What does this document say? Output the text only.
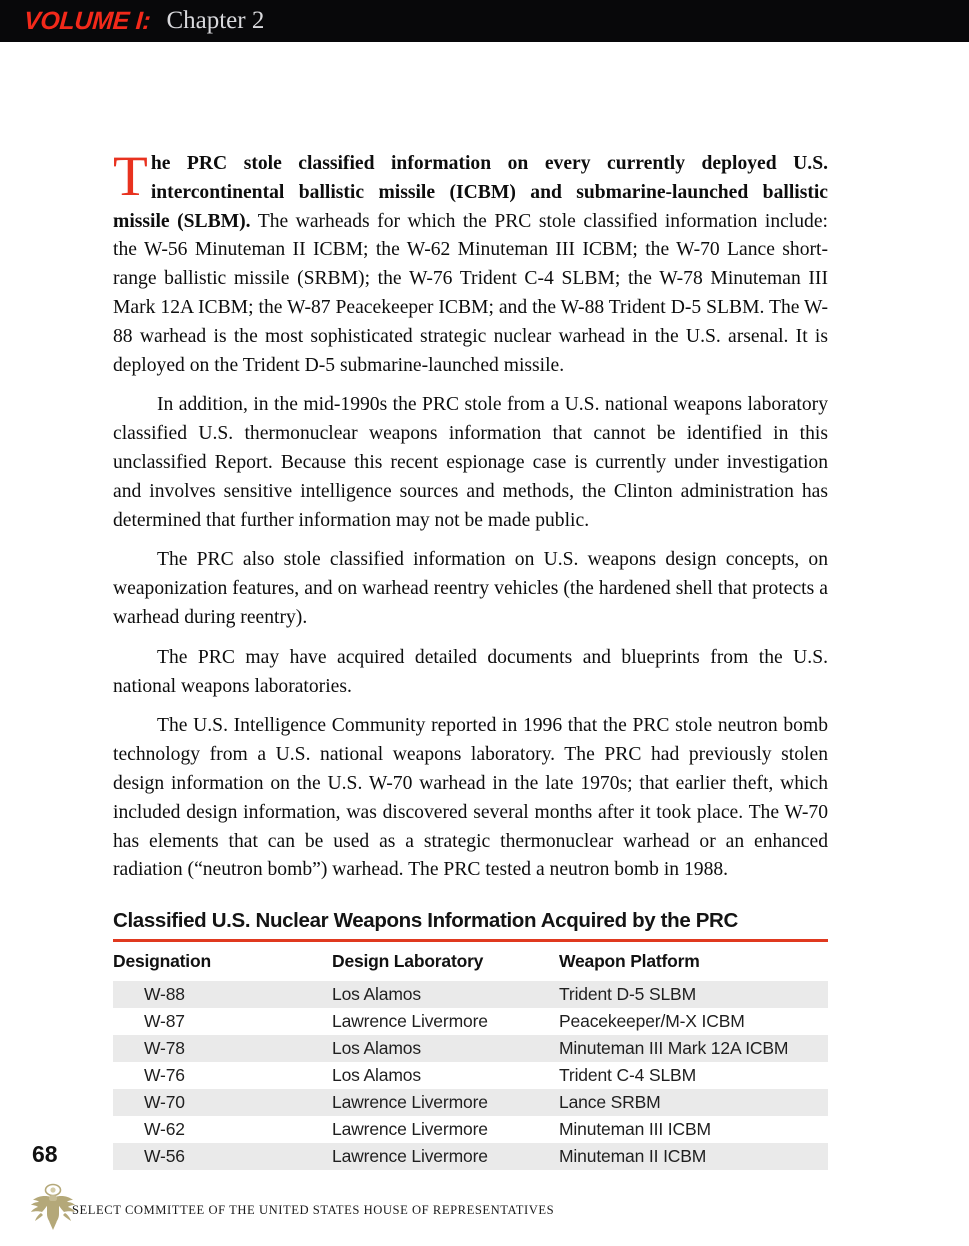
VOLUME I: Chapter 2

The PRC stole classified information on every currently deployed U.S. intercontinental ballistic missile (ICBM) and submarine-launched ballistic missile (SLBM). The warheads for which the PRC stole classified information include: the W-56 Minuteman II ICBM; the W-62 Minuteman III ICBM; the W-70 Lance short-range ballistic missile (SRBM); the W-76 Trident C-4 SLBM; the W-78 Minuteman III Mark 12A ICBM; the W-87 Peacekeeper ICBM; and the W-88 Trident D-5 SLBM. The W-88 warhead is the most sophisticated strategic nuclear warhead in the U.S. arsenal. It is deployed on the Trident D-5 submarine-launched missile.

In addition, in the mid-1990s the PRC stole from a U.S. national weapons laboratory classified U.S. thermonuclear weapons information that cannot be identified in this unclassified Report. Because this recent espionage case is currently under investigation and involves sensitive intelligence sources and methods, the Clinton administration has determined that further information may not be made public.

The PRC also stole classified information on U.S. weapons design concepts, on weaponization features, and on warhead reentry vehicles (the hardened shell that protects a warhead during reentry).

The PRC may have acquired detailed documents and blueprints from the U.S. national weapons laboratories.

The U.S. Intelligence Community reported in 1996 that the PRC stole neutron bomb technology from a U.S. national weapons laboratory. The PRC had previously stolen design information on the U.S. W-70 warhead in the late 1970s; that earlier theft, which included design information, was discovered several months after it took place. The W-70 has elements that can be used as a strategic thermonuclear warhead or an enhanced radiation (“neutron bomb”) warhead. The PRC tested a neutron bomb in 1988.

Classified U.S. Nuclear Weapons Information Acquired by the PRC
Designation	Design Laboratory	Weapon Platform
W-88	Los Alamos	Trident D-5 SLBM
W-87	Lawrence Livermore	Peacekeeper/M-X ICBM
W-78	Los Alamos	Minuteman III Mark 12A ICBM
W-76	Los Alamos	Trident C-4 SLBM
W-70	Lawrence Livermore	Lance SRBM
W-62	Lawrence Livermore	Minuteman III ICBM
W-56	Lawrence Livermore	Minuteman II ICBM
68
SELECT COMMITTEE OF THE UNITED STATES HOUSE OF REPRESENTATIVES
